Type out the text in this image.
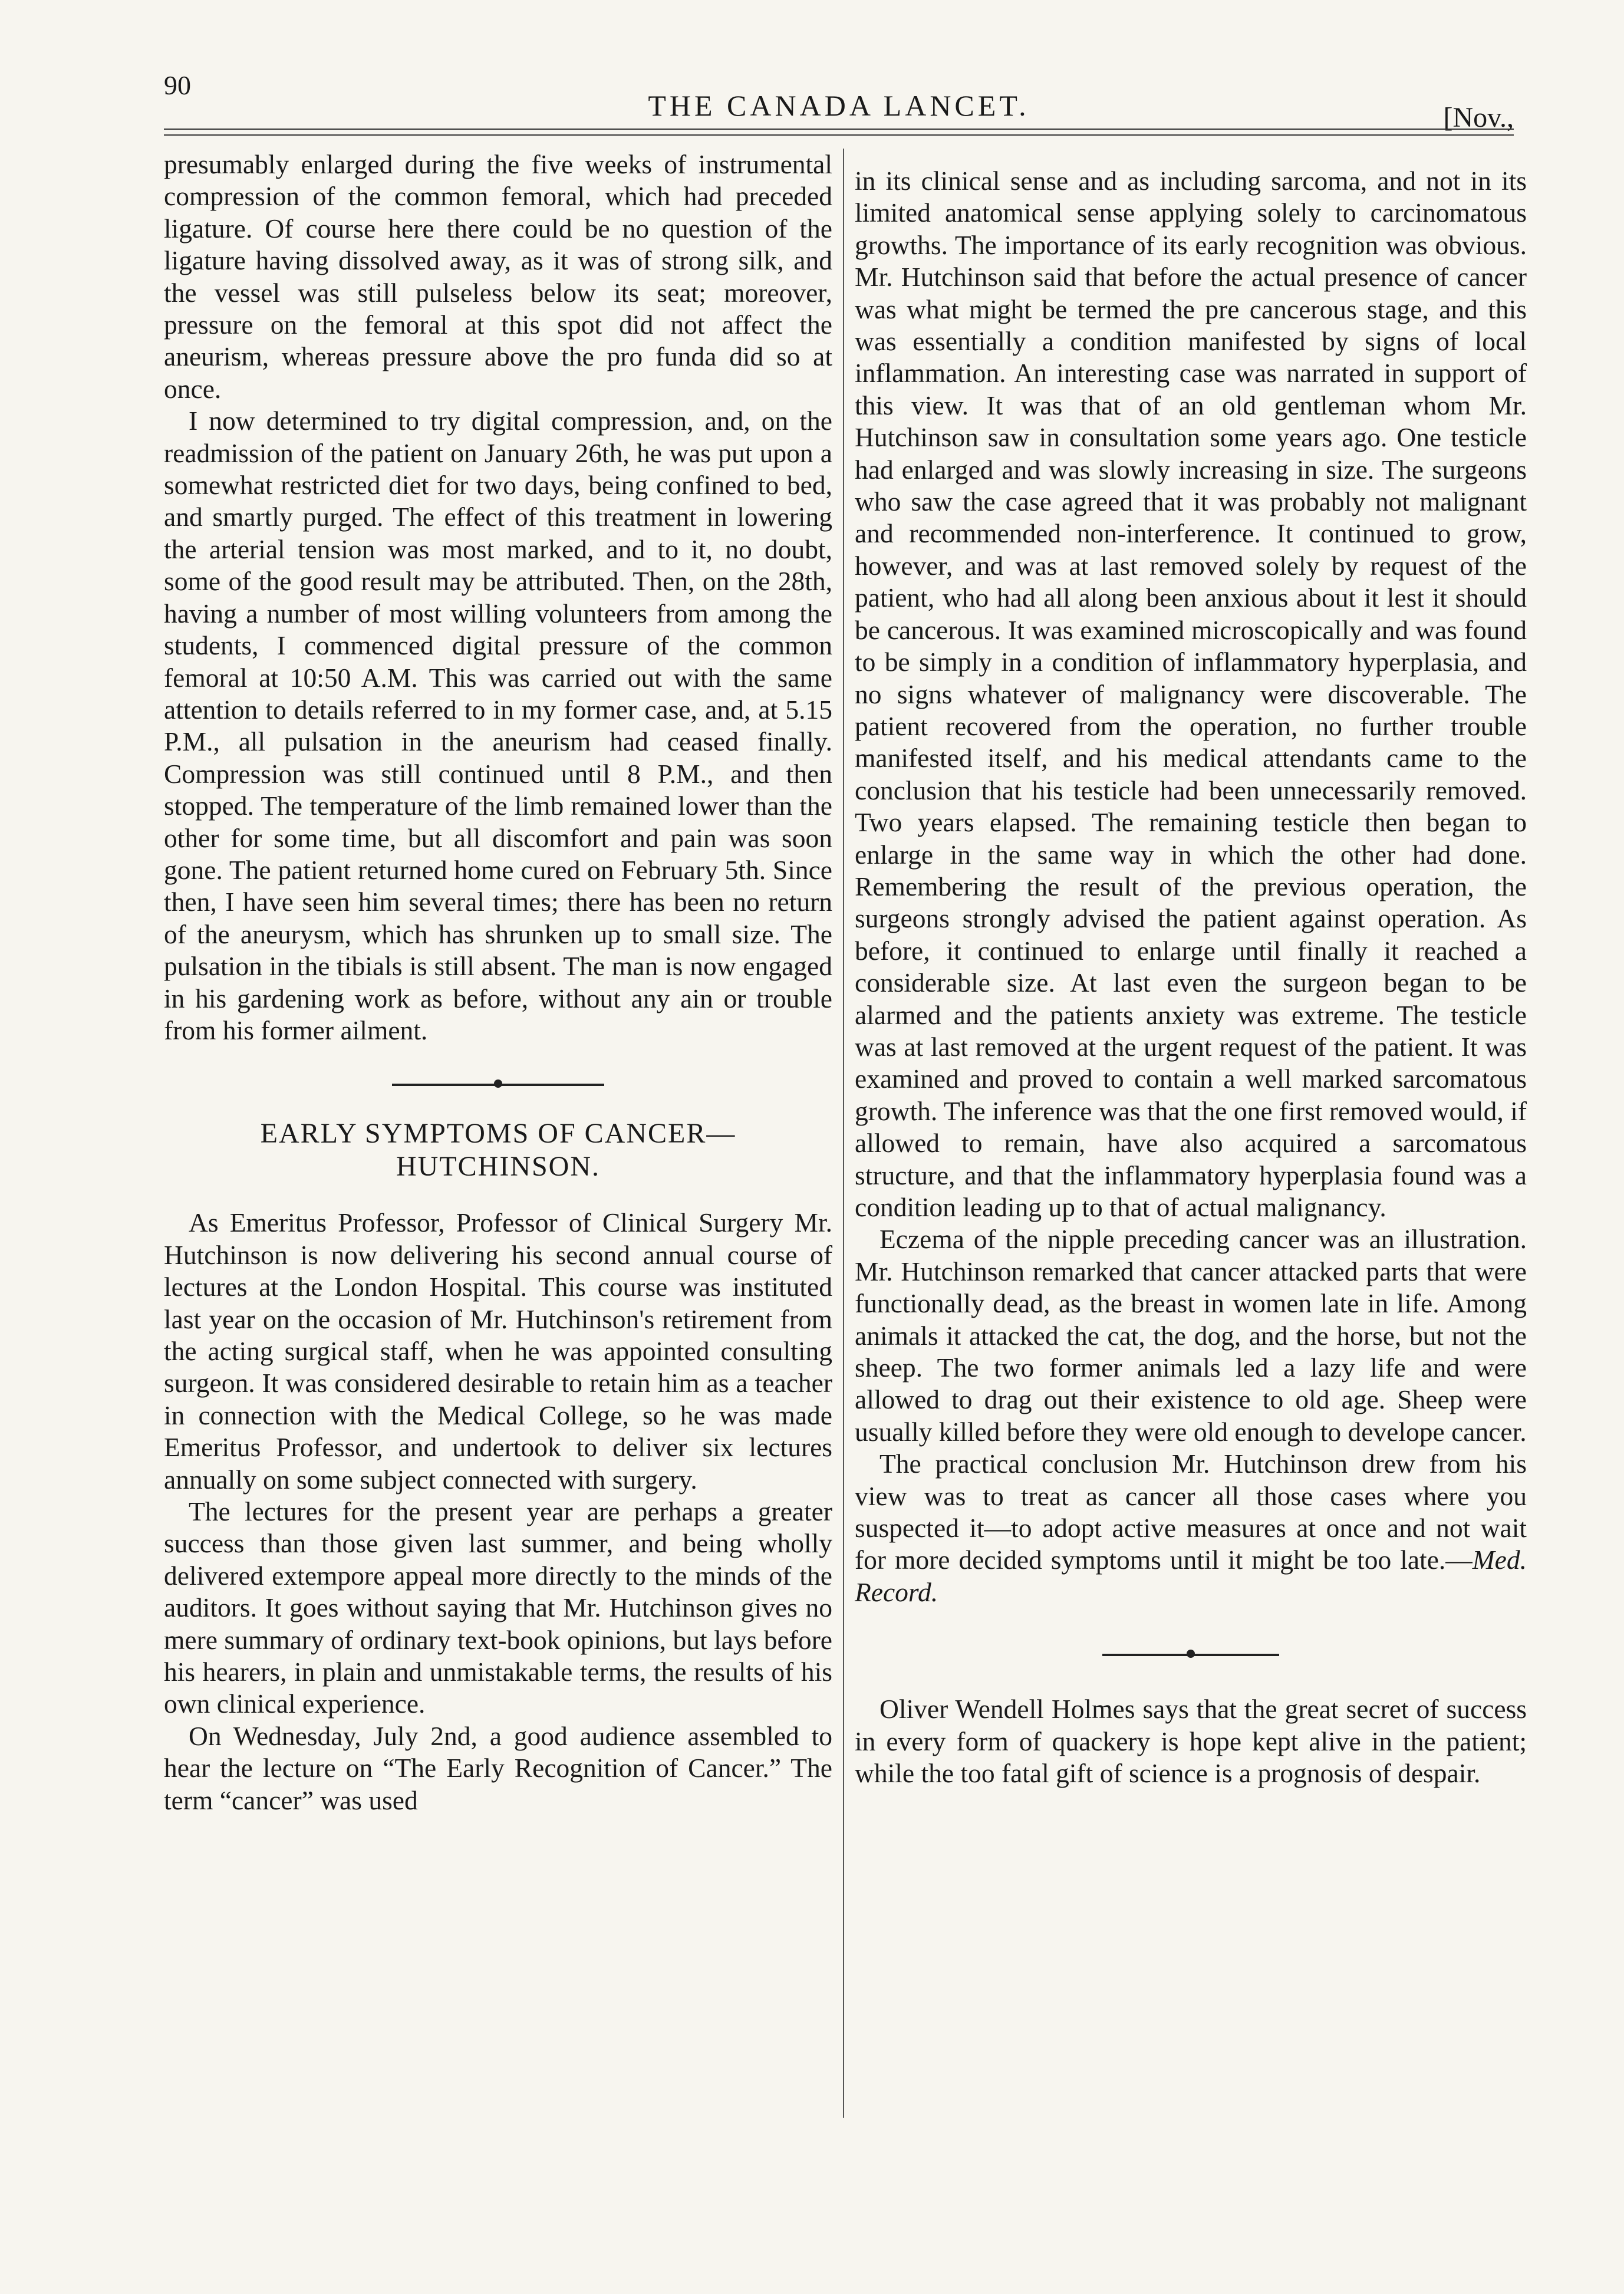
90
THE CANADA LANCET.	[Nov.,

presumably enlarged during the five weeks of instrumental compression of the common femoral, which had preceded ligature. Of course here there could be no question of the ligature having dissolved away, as it was of strong silk, and the vessel was still pulseless below its seat; moreover, pressure on the femoral at this spot did not affect the aneurism, whereas pressure above the pro funda did so at once.

I now determined to try digital compression, and, on the readmission of the patient on January 26th, he was put upon a somewhat restricted diet for two days, being confined to bed, and smartly purged. The effect of this treatment in lowering the arterial tension was most marked, and to it, no doubt, some of the good result may be attributed. Then, on the 28th, having a number of most willing volunteers from among the students, I commenced digital pressure of the common femoral at 10:50 A.M. This was carried out with the same attention to details referred to in my former case, and, at 5.15 P.M., all pulsation in the aneurism had ceased finally. Compression was still continued until 8 P.M., and then stopped. The temperature of the limb remained lower than the other for some time, but all discomfort and pain was soon gone. The patient returned home cured on February 5th. Since then, I have seen him several times; there has been no return of the aneurysm, which has shrunken up to small size. The pulsation in the tibials is still absent. The man is now engaged in his gardening work as before, without any ain or trouble from his former ailment.

EARLY SYMPTOMS OF CANCER—
HUTCHINSON.

As Emeritus Professor, Professor of Clinical Surgery Mr. Hutchinson is now delivering his second annual course of lectures at the London Hospital. This course was instituted last year on the occasion of Mr. Hutchinson's retirement from the acting surgical staff, when he was appointed consulting surgeon. It was considered desirable to retain him as a teacher in connection with the Medical College, so he was made Emeritus Professor, and undertook to deliver six lectures annually on some subject connected with surgery.

The lectures for the present year are perhaps a greater success than those given last summer, and being wholly delivered extempore appeal more directly to the minds of the auditors. It goes without saying that Mr. Hutchinson gives no mere summary of ordinary text-book opinions, but lays before his hearers, in plain and unmistakable terms, the results of his own clinical experience.

On Wednesday, July 2nd, a good audience assembled to hear the lecture on “The Early Recognition of Cancer.” The term “cancer” was used

in its clinical sense and as including sarcoma, and not in its limited anatomical sense applying solely to carcinomatous growths. The importance of its early recognition was obvious. Mr. Hutchinson said that before the actual presence of cancer was what might be termed the pre cancerous stage, and this was essentially a condition manifested by signs of local inflammation. An interesting case was narrated in support of this view. It was that of an old gentleman whom Mr. Hutchinson saw in consultation some years ago. One testicle had enlarged and was slowly increasing in size. The surgeons who saw the case agreed that it was probably not malignant and recommended non-interference. It continued to grow, however, and was at last removed solely by request of the patient, who had all along been anxious about it lest it should be cancerous. It was examined microscopically and was found to be simply in a condition of inflammatory hyperplasia, and no signs whatever of malignancy were discoverable. The patient recovered from the operation, no further trouble manifested itself, and his medical attendants came to the conclusion that his testicle had been unnecessarily removed. Two years elapsed. The remaining testicle then began to enlarge in the same way in which the other had done. Remembering the result of the previous operation, the surgeons strongly advised the patient against operation. As before, it continued to enlarge until finally it reached a considerable size. At last even the surgeon began to be alarmed and the patients anxiety was extreme. The testicle was at last removed at the urgent request of the patient. It was examined and proved to contain a well marked sarcomatous growth. The inference was that the one first removed would, if allowed to remain, have also acquired a sarcomatous structure, and that the inflammatory hyperplasia found was a condition leading up to that of actual malignancy.

Eczema of the nipple preceding cancer was an illustration. Mr. Hutchinson remarked that cancer attacked parts that were functionally dead, as the breast in women late in life. Among animals it attacked the cat, the dog, and the horse, but not the sheep. The two former animals led a lazy life and were allowed to drag out their existence to old age. Sheep were usually killed before they were old enough to develope cancer.

The practical conclusion Mr. Hutchinson drew from his view was to treat as cancer all those cases where you suspected it—to adopt active measures at once and not wait for more decided symptoms until it might be too late.—Med. Record.

Oliver Wendell Holmes says that the great secret of success in every form of quackery is hope kept alive in the patient; while the too fatal gift of science is a prognosis of despair.
